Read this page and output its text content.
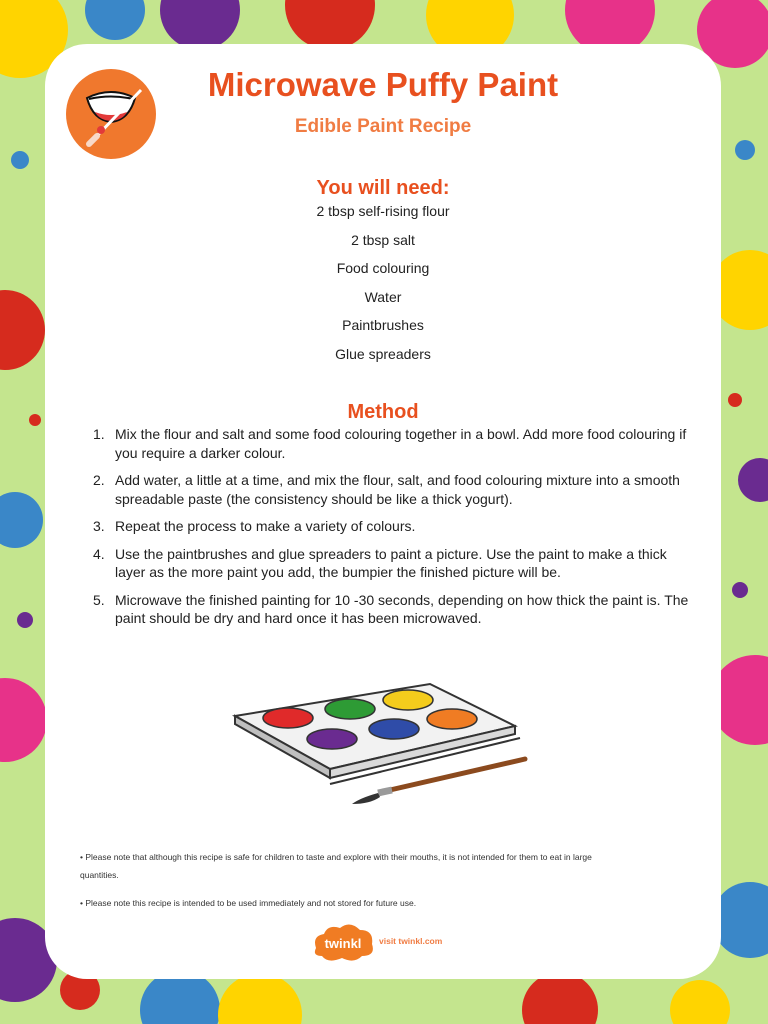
Microwave Puffy Paint
Edible Paint Recipe
You will need:
2 tbsp self-rising flour
2 tbsp salt
Food colouring
Water
Paintbrushes
Glue spreaders
Method
1. Mix the flour and salt and some food colouring together in a bowl. Add more food colouring if you require a darker colour.
2. Add water, a little at a time, and mix the flour, salt, and food colouring mixture into a smooth spreadable paste (the consistency should be like a thick yogurt).
3. Repeat the process to make a variety of colours.
4. Use the paintbrushes and glue spreaders to paint a picture. Use the paint to make a thick layer as the more paint you add, the bumpier the finished picture will be.
5. Microwave the finished painting for 10 -30 seconds, depending on how thick the paint is. The paint should be dry and hard once it has been microwaved.

• Please note that although this recipe is safe for children to taste and explore with their mouths, it is not intended for them to eat in large quantities.

• Please note this recipe is intended to be used immediately and not stored for future use.

twinkl visit twinkl.com
